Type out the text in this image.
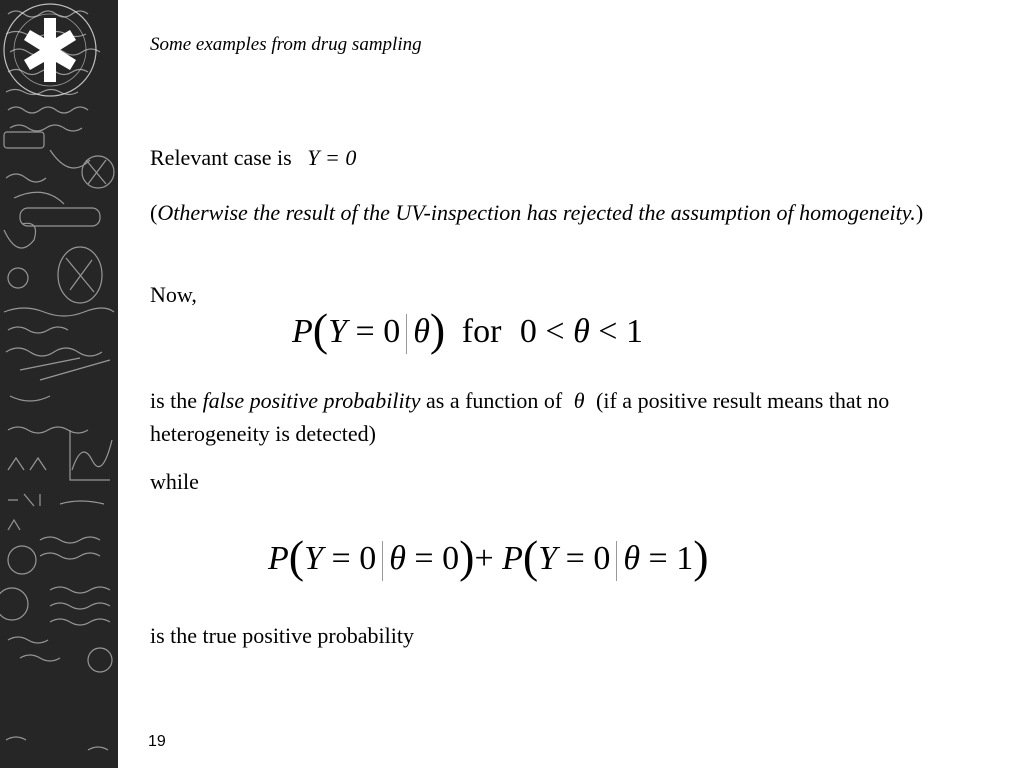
Some examples from drug sampling
Relevant case is Y = 0
(Otherwise the result of the UV-inspection has rejected the assumption of homogeneity.)
Now,
P(Y = 0 θ) for 0 < θ < 1
is the false positive probability as a function of θ (if a positive result means that no heterogeneity is detected)
while
P(Y = 0 θ = 0)+ P(Y = 0 θ = 1)
is the true positive probability
19
